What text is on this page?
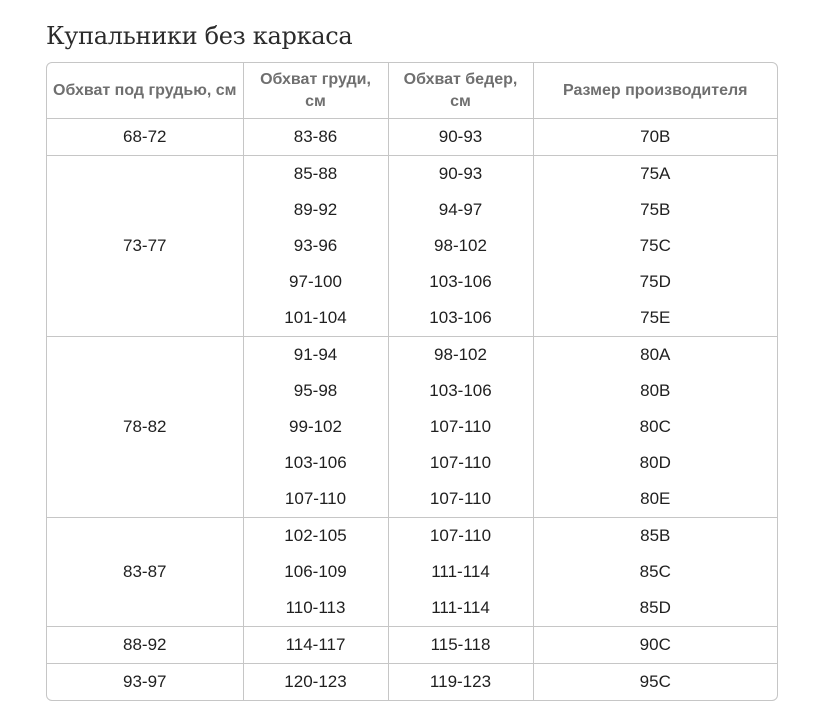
Купальники без каркаса
Обхват под грудью, см	Обхват груди, см	Обхват бедер, см	Размер производителя
68-72	83-86	90-93	70B
73-77	85-88	90-93	75A
	89-92	94-97	75B
	93-96	98-102	75C
	97-100	103-106	75D
	101-104	103-106	75E
78-82	91-94	98-102	80A
	95-98	103-106	80B
	99-102	107-110	80C
	103-106	107-110	80D
	107-110	107-110	80E
83-87	102-105	107-110	85B
	106-109	111-114	85C
	110-113	111-114	85D
88-92	114-117	115-118	90C
93-97	120-123	119-123	95C
